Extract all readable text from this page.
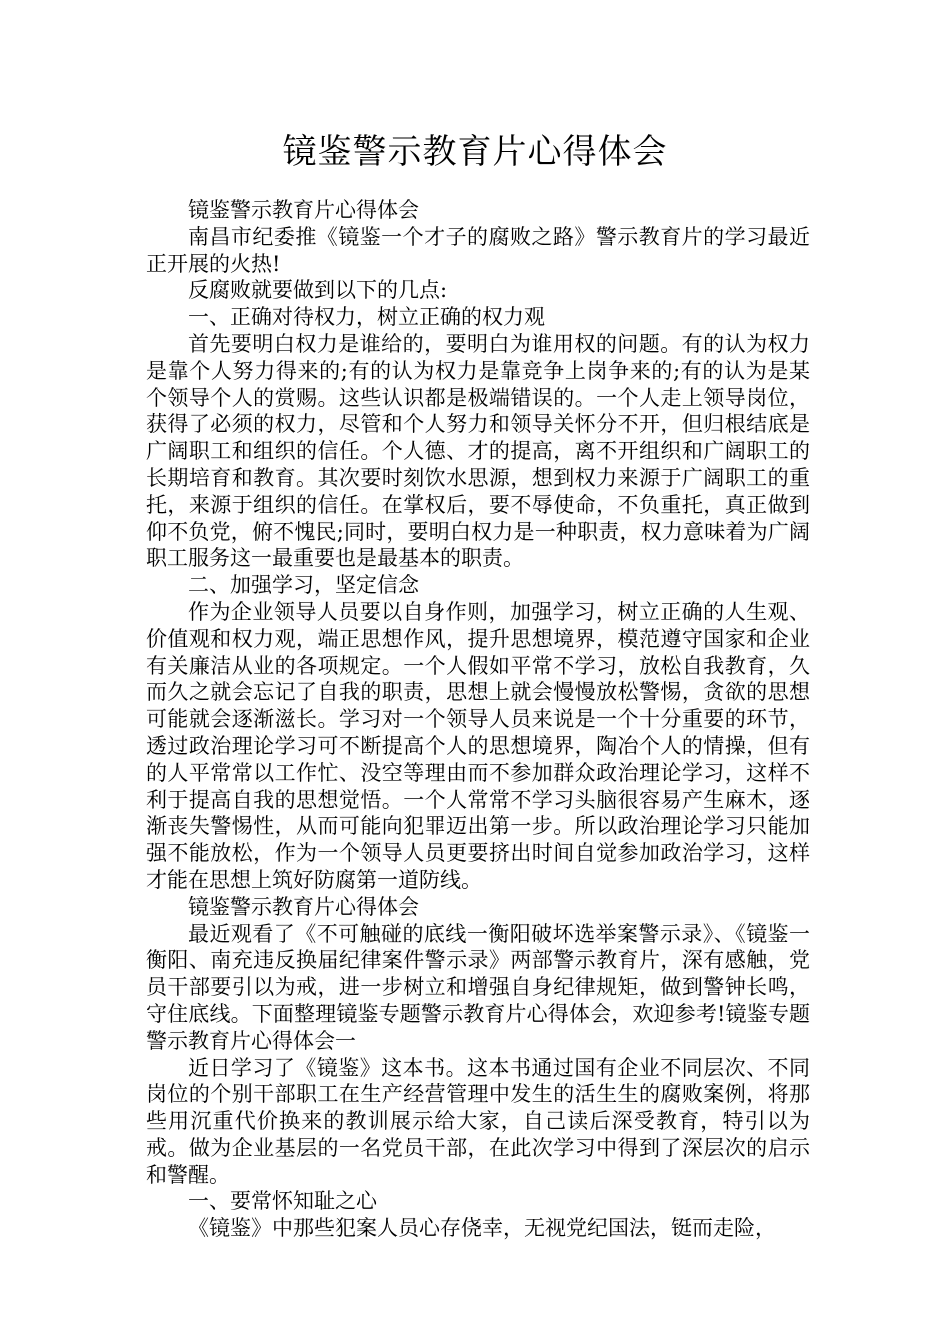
镜鉴警示教育片心得体会

镜鉴警示教育片心得体会

南昌市纪委推《镜鉴一个才子的腐败之路》警示教育片的学习最近正开展的火热!

反腐败就要做到以下的几点:

一、正确对待权力，树立正确的权力观

首先要明白权力是谁给的，要明白为谁用权的问题。有的认为权力是靠个人努力得来的;有的认为权力是靠竞争上岗争来的;有的认为是某个领导个人的赏赐。这些认识都是极端错误的。一个人走上领导岗位，获得了必须的权力，尽管和个人努力和领导关怀分不开，但归根结底是广阔职工和组织的信任。个人德、才的提高，离不开组织和广阔职工的长期培育和教育。其次要时刻饮水思源，想到权力来源于广阔职工的重托，来源于组织的信任。在掌权后，要不辱使命，不负重托，真正做到仰不负党，俯不愧民;同时，要明白权力是一种职责，权力意味着为广阔职工服务这一最重要也是最基本的职责。

二、加强学习，坚定信念

作为企业领导人员要以自身作则，加强学习，树立正确的人生观、价值观和权力观，端正思想作风，提升思想境界，模范遵守国家和企业有关廉洁从业的各项规定。一个人假如平常不学习，放松自我教育，久而久之就会忘记了自我的职责，思想上就会慢慢放松警惕，贪欲的思想可能就会逐渐滋长。学习对一个领导人员来说是一个十分重要的环节，透过政治理论学习可不断提高个人的思想境界，陶冶个人的情操，但有的人平常常以工作忙、没空等理由而不参加群众政治理论学习，这样不利于提高自我的思想觉悟。一个人常常不学习头脑很容易产生麻木，逐渐丧失警惕性，从而可能向犯罪迈出第一步。所以政治理论学习只能加强不能放松，作为一个领导人员更要挤出时间自觉参加政治学习，这样才能在思想上筑好防腐第一道防线。

镜鉴警示教育片心得体会

最近观看了《不可触碰的底线一衡阳破坏选举案警示录》、《镜鉴一衡阳、南充违反换届纪律案件警示录》两部警示教育片，深有感触，党员干部要引以为戒，进一步树立和增强自身纪律规矩，做到警钟长鸣，守住底线。下面整理镜鉴专题警示教育片心得体会，欢迎参考!镜鉴专题警示教育片心得体会一

近日学习了《镜鉴》这本书。这本书通过国有企业不同层次、不同岗位的个别干部职工在生产经营管理中发生的活生生的腐败案例，将那些用沉重代价换来的教训展示给大家，自己读后深受教育，特引以为戒。做为企业基层的一名党员干部，在此次学习中得到了深层次的启示和警醒。

一、要常怀知耻之心

《镜鉴》中那些犯案人员心存侥幸，无视党纪国法，铤而走险，
